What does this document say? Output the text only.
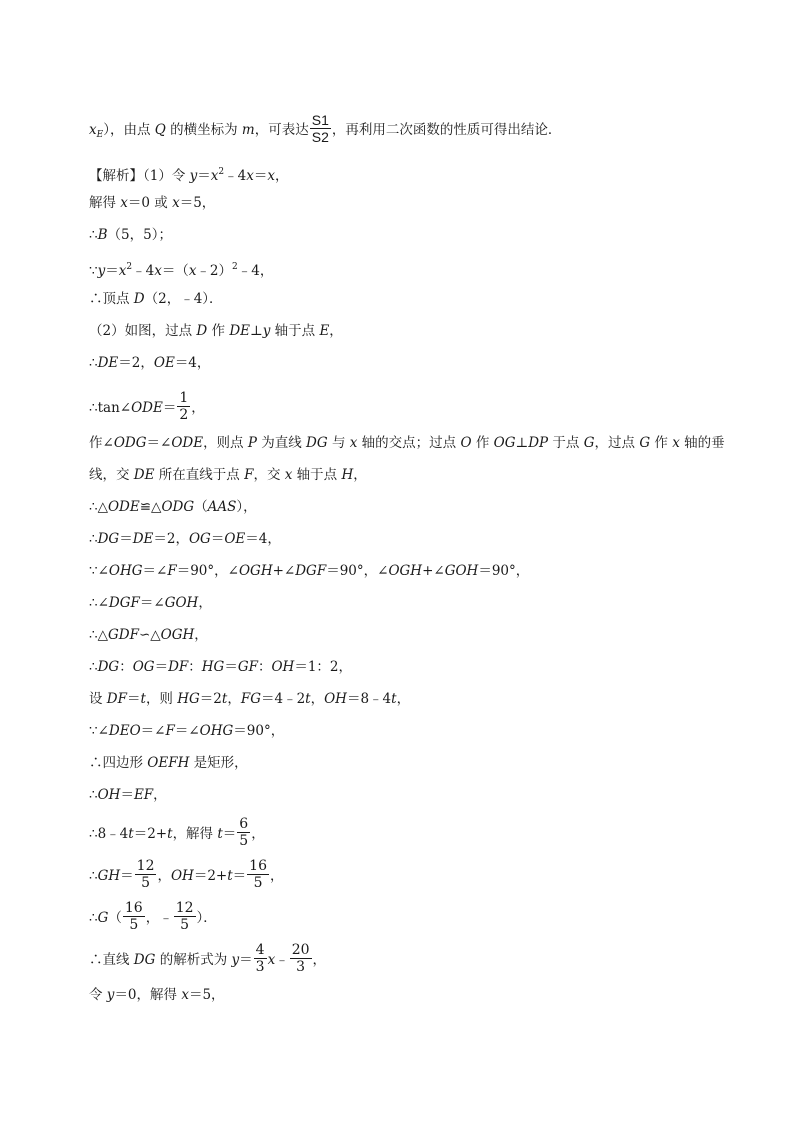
$x_E$），由点 Q 的横坐标为 m，可表达 $\frac{S1}{S2}$ ，再利用二次函数的性质可得出结论．
【解析】（1）令 $y=x^2﹣4x=x$，
解得 x＝0 或 x＝5，
∴B（5，5）；
$\because y=x^2﹣4x=(x﹣2)^2﹣4$，
∴顶点 D（2，﹣4）．
（2）如图，过点 D 作 DE⊥y 轴于点 E，
∴DE＝2，OE＝4，
∴tan∠ODE＝ $\frac{1}{2}$ ，
作∠ODG＝∠ODE，则点 P 为直线 DG 与 x 轴的交点；过点 O 作 OG⊥DP 于点 G，过点 G 作 x 轴的垂
线，交 DE 所在直线于点 F，交 x 轴于点 H，
∴△ODE≌△ODG（AAS），
∴DG＝DE＝2，OG＝OE＝4，
∵∠OHG＝∠F＝90°，∠OGH+∠DGF＝90°，∠OGH+∠GOH＝90°，
∴∠DGF＝∠GOH，
∴△GDF∽△OGH，
∴DG：OG＝DF：HG＝GF：OH＝1：2，
设 DF＝t，则 HG＝2t，FG＝4﹣2t，OH＝8﹣4t，
∵∠DEO＝∠F＝∠OHG＝90°，
∴四边形 OEFH 是矩形，
∴OH＝EF，
∴8﹣4t＝2+t，解得 $t= \frac{6}{5}$ ，
∴GH＝ $\frac{12}{5}$ ，$OH=2+t= \frac{16}{5}$ ，
∴G（ $\frac{16}{5}$ ，﹣ $\frac{12}{5}$ ）．
∴直线 DG 的解析式为 $y= \frac{4}{3}$ x﹣ $\frac{20}{3}$ ，
令 y＝0，解得 x＝5，
